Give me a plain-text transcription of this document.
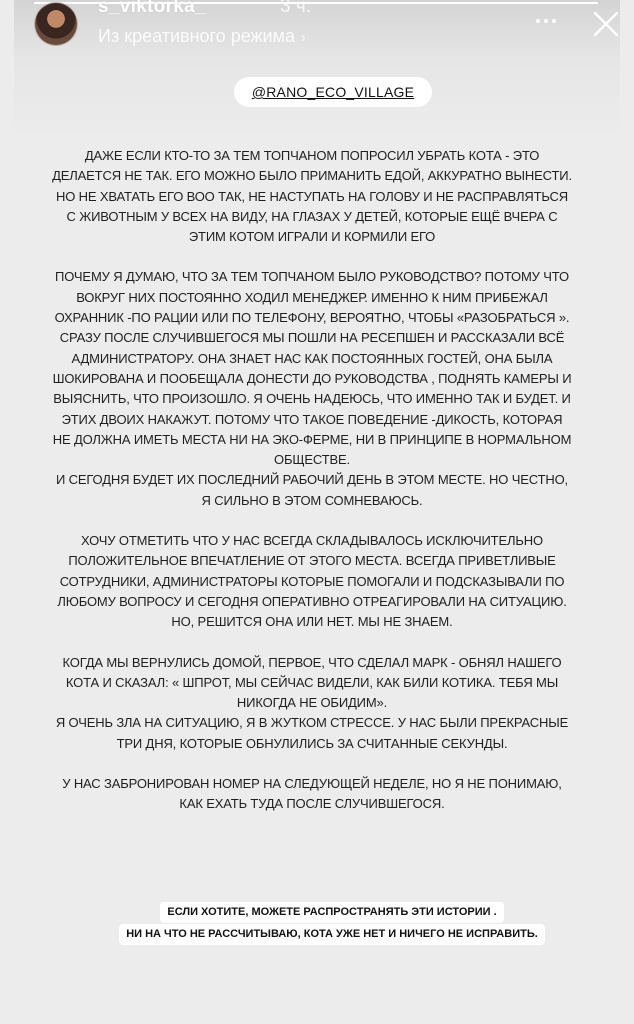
s_viktorka_	3 ч.
Из креативного режима ›
@RANO_ECO_VILLAGE

ДАЖЕ ЕСЛИ КТО-ТО ЗА ТЕМ ТОПЧАНОМ ПОПРОСИЛ УБРАТЬ КОТА - ЭТО ДЕЛАЕТСЯ НЕ ТАК. ЕГО МОЖНО БЫЛО ПРИМАНИТЬ ЕДОЙ, АККУРАТНО ВЫНЕСТИ. НО НЕ ХВАТАТЬ ЕГО ВОО ТАК, НЕ НАСТУПАТЬ НА ГОЛОВУ И НЕ РАСПРАВЛЯТЬСЯ С ЖИВОТНЫМ У ВСЕХ НА ВИДУ, НА ГЛАЗАХ У ДЕТЕЙ, КОТОРЫЕ ЕЩЁ ВЧЕРА С ЭТИМ КОТОМ ИГРАЛИ И КОРМИЛИ ЕГО

ПОЧЕМУ Я ДУМАЮ, ЧТО ЗА ТЕМ ТОПЧАНОМ БЫЛО РУКОВОДСТВО? ПОТОМУ ЧТО ВОКРУГ НИХ ПОСТОЯННО ХОДИЛ МЕНЕДЖЕР. ИМЕННО К НИМ ПРИБЕЖАЛ ОХРАННИК -ПО РАЦИИ ИЛИ ПО ТЕЛЕФОНУ, ВЕРОЯТНО, ЧТОБЫ «РАЗОБРАТЬСЯ ».
СРАЗУ ПОСЛЕ СЛУЧИВШЕГОСЯ МЫ ПОШЛИ НА РЕСЕПШЕН И РАССКАЗАЛИ ВСЁ АДМИНИСТРАТОРУ. ОНА ЗНАЕТ НАС КАК ПОСТОЯННЫХ ГОСТЕЙ, ОНА БЫЛА ШОКИРОВАНА И ПООБЕЩАЛА ДОНЕСТИ ДО РУКОВОДСТВА , ПОДНЯТЬ КАМЕРЫ И ВЫЯСНИТЬ, ЧТО ПРОИЗОШЛО. Я ОЧЕНЬ НАДЕЮСЬ, ЧТО ИМЕННО ТАК И БУДЕТ. И ЭТИХ ДВОИХ НАКАЖУТ. ПОТОМУ ЧТО ТАКОЕ ПОВЕДЕНИЕ -ДИКОСТЬ, КОТОРАЯ НЕ ДОЛЖНА ИМЕТЬ МЕСТА НИ НА ЭКО-ФЕРМЕ, НИ В ПРИНЦИПЕ В НОРМАЛЬНОМ ОБЩЕСТВЕ.
И СЕГОДНЯ БУДЕТ ИХ ПОСЛЕДНИЙ РАБОЧИЙ ДЕНЬ В ЭТОМ МЕСТЕ. НО ЧЕСТНО, Я СИЛЬНО В ЭТОМ СОМНЕВАЮСЬ.

ХОЧУ ОТМЕТИТЬ ЧТО У НАС ВСЕГДА СКЛАДЫВАЛОСЬ ИСКЛЮЧИТЕЛЬНО ПОЛОЖИТЕЛЬНОЕ ВПЕЧАТЛЕНИЕ ОТ ЭТОГО МЕСТА. ВСЕГДА ПРИВЕТЛИВЫЕ СОТРУДНИКИ, АДМИНИСТРАТОРЫ КОТОРЫЕ ПОМОГАЛИ И ПОДСКАЗЫВАЛИ ПО ЛЮБОМУ ВОПРОСУ И СЕГОДНЯ ОПЕРАТИВНО ОТРЕАГИРОВАЛИ НА СИТУАЦИЮ. НО, РЕШИТСЯ ОНА ИЛИ НЕТ. МЫ НЕ ЗНАЕМ.

КОГДА МЫ ВЕРНУЛИСЬ ДОМОЙ, ПЕРВОЕ, ЧТО СДЕЛАЛ МАРК - ОБНЯЛ НАШЕГО КОТА И СКАЗАЛ: « ШПРОТ, МЫ СЕЙЧАС ВИДЕЛИ, КАК БИЛИ КОТИКА. ТЕБЯ МЫ НИКОГДА НЕ ОБИДИМ».
Я ОЧЕНЬ ЗЛА НА СИТУАЦИЮ, Я В ЖУТКОМ СТРЕССЕ. У НАС БЫЛИ ПРЕКРАСНЫЕ ТРИ ДНЯ, КОТОРЫЕ ОБНУЛИЛИСЬ ЗА СЧИТАННЫЕ СЕКУНДЫ.

У НАС ЗАБРОНИРОВАН НОМЕР НА СЛЕДУЮЩЕЙ НЕДЕЛЕ, НО Я НЕ ПОНИМАЮ, КАК ЕХАТЬ ТУДА ПОСЛЕ СЛУЧИВШЕГОСЯ.

ЕСЛИ ХОТИТЕ, МОЖЕТЕ РАСПРОСТРАНЯТЬ ЭТИ ИСТОРИИ .
НИ НА ЧТО НЕ РАССЧИТЫВАЮ, КОТА УЖЕ НЕТ И НИЧЕГО НЕ ИСПРАВИТЬ.
